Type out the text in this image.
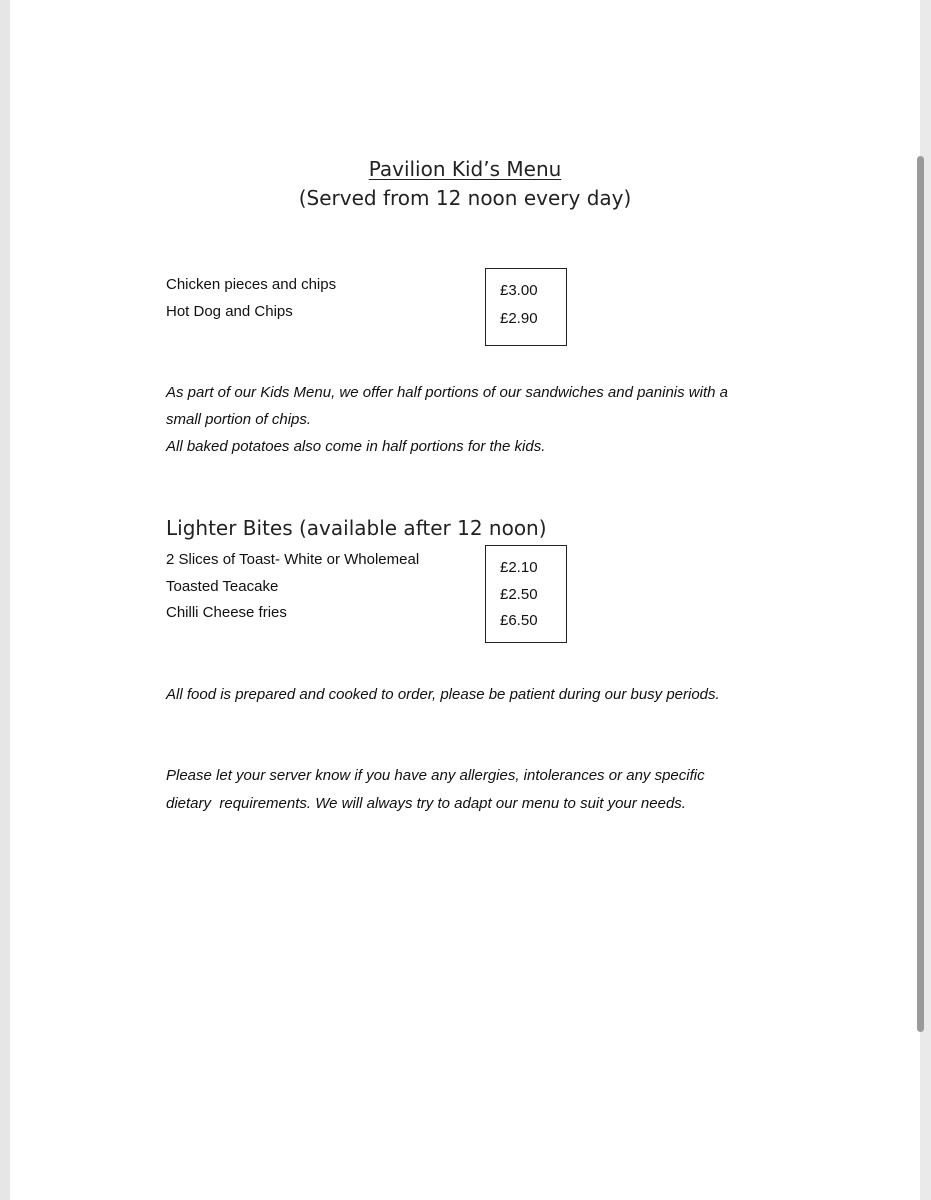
Pavilion Kid’s Menu
(Served from 12 noon every day)
Chicken pieces and chips
Hot Dog and Chips
£3.00
£2.90
As part of our Kids Menu, we offer half portions of our sandwiches and paninis with a
small portion of chips.
All baked potatoes also come in half portions for the kids.
Lighter Bites (available after 12 noon)
2 Slices of Toast- White or Wholemeal
Toasted Teacake
Chilli Cheese fries
£2.10
£2.50
£6.50
All food is prepared and cooked to order, please be patient during our busy periods.
Please let your server know if you have any allergies, intolerances or any specific
dietary  requirements. We will always try to adapt our menu to suit your needs.
